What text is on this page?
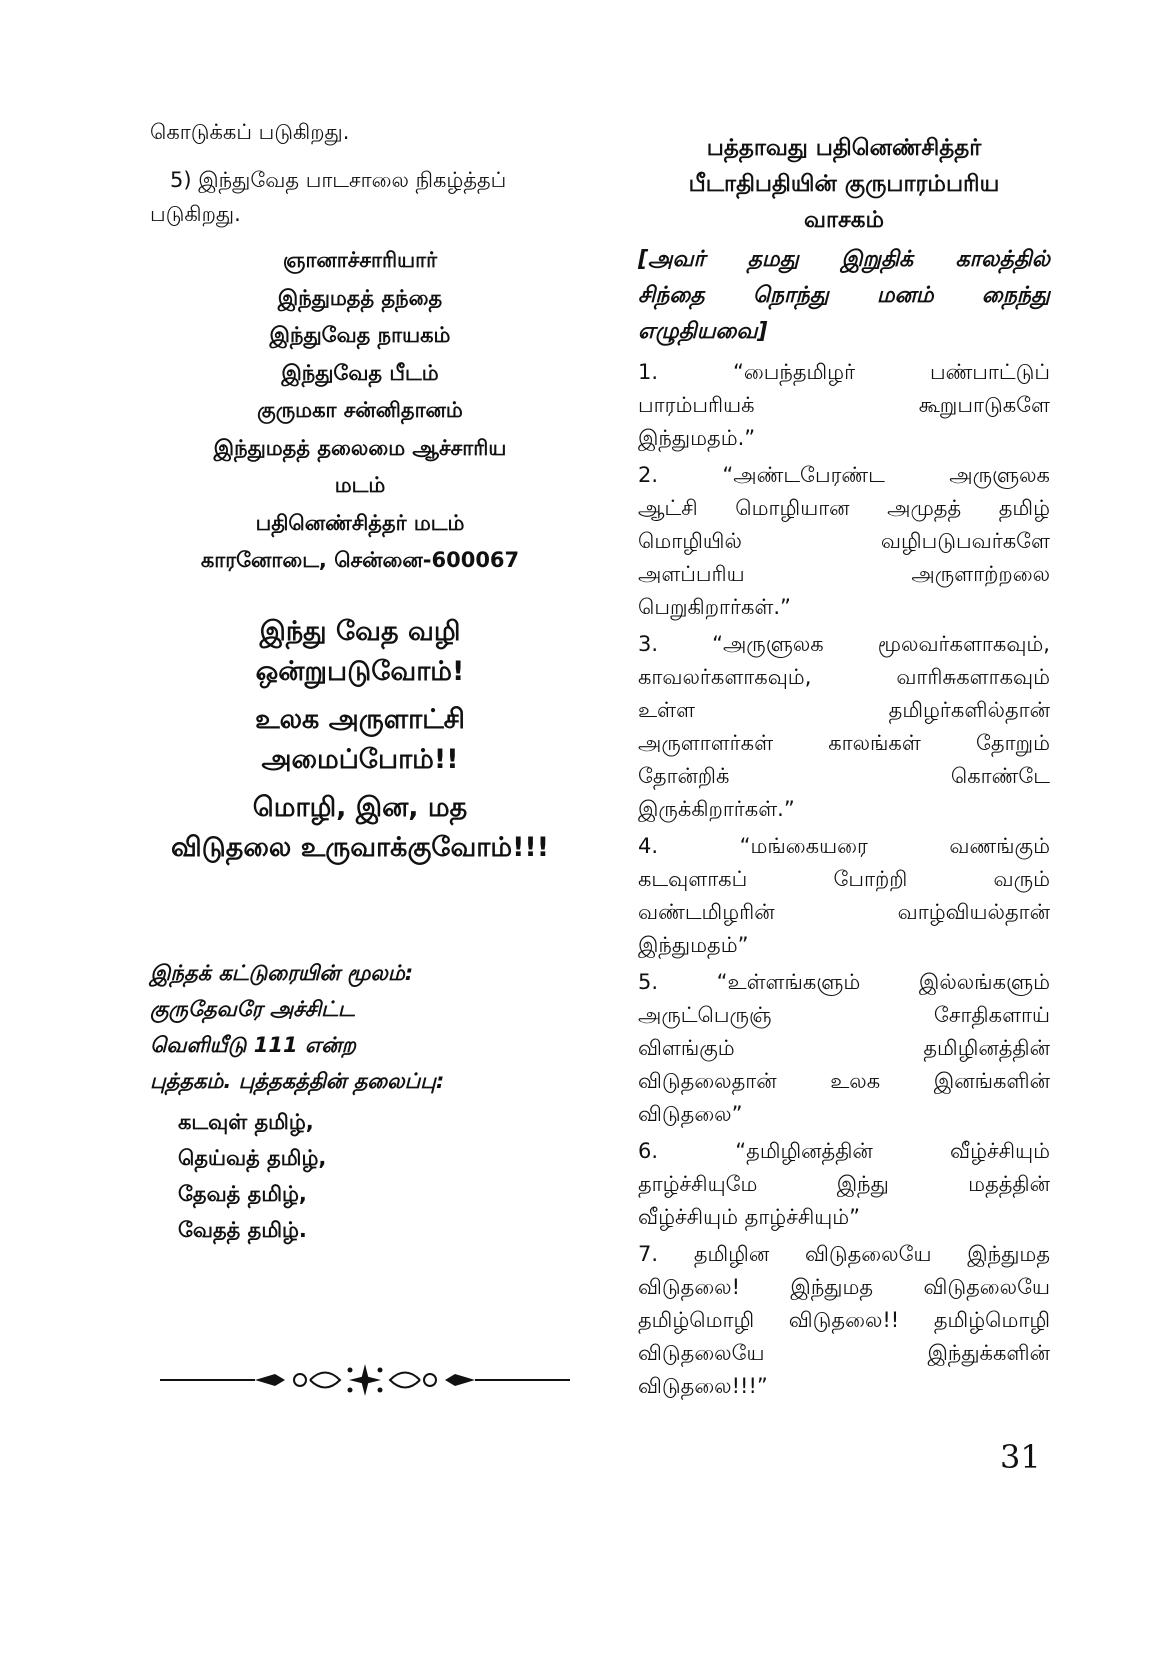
கொடுக்கப் படுகிறது.

5) இந்துவேத பாடசாலை நிகழ்த்தப்

படுகிறது.

ஞானாச்சாரியார்
இந்துமதத் தந்தை
இந்துவேத நாயகம்
இந்துவேத பீடம்
குருமகா சன்னிதானம்
இந்துமதத் தலைமை ஆச்சாரிய
மடம்
பதினெண்சித்தர் மடம்
காரனோடை, சென்னை-600067
இந்து வேத வழி
ஒன்றுபடுவோம்!
உலக அருளாட்சி
அமைப்போம்!!
மொழி, இன, மத
விடுதலை உருவாக்குவோம்!!!
இந்தக் கட்டுரையின் மூலம்:
குருதேவரே அச்சிட்ட
வெளியீடு 111 என்ற
புத்தகம். புத்தகத்தின் தலைப்பு:
கடவுள் தமிழ்,
தெய்வத் தமிழ்,
தேவத் தமிழ்,
வேதத் தமிழ்.
பத்தாவது பதினெண்சித்தர்
பீடாதிபதியின் குருபாரம்பரிய
வாசகம்
[அவர் தமது இறுதிக் காலத்தில்
சிந்தை நொந்து மனம் நைந்து
எழுதியவை]
1. “பைந்தமிழர் பண்பாட்டுப்
பாரம்பரியக் கூறுபாடுகளே
இந்துமதம்.”
2. “அண்டபேரண்ட அருளுலக
ஆட்சி மொழியான அமுதத் தமிழ்
மொழியில் வழிபடுபவர்களே
அளப்பரிய அருளாற்றலை
பெறுகிறார்கள்.”
3. “அருளுலக மூலவர்களாகவும்,
காவலர்களாகவும், வாரிசுகளாகவும்
உள்ள தமிழர்களில்தான்
அருளாளர்கள் காலங்கள் தோறும்
தோன்றிக் கொண்டே
இருக்கிறார்கள்.”
4. “மங்கையரை வணங்கும்
கடவுளாகப் போற்றி வரும்
வண்டமிழரின் வாழ்வியல்தான்
இந்துமதம்”
5. “உள்ளங்களும் இல்லங்களும்
அருட்பெருஞ் சோதிகளாய்
விளங்கும் தமிழினத்தின்
விடுதலைதான் உலக இனங்களின்
விடுதலை”
6. “தமிழினத்தின் வீழ்ச்சியும்
தாழ்ச்சியுமே இந்து மதத்தின்
வீழ்ச்சியும் தாழ்ச்சியும்”
7. தமிழின விடுதலையே இந்துமத
விடுதலை! இந்துமத விடுதலையே
தமிழ்மொழி விடுதலை!! தமிழ்மொழி
விடுதலையே இந்துக்களின்
விடுதலை!!!”
31
